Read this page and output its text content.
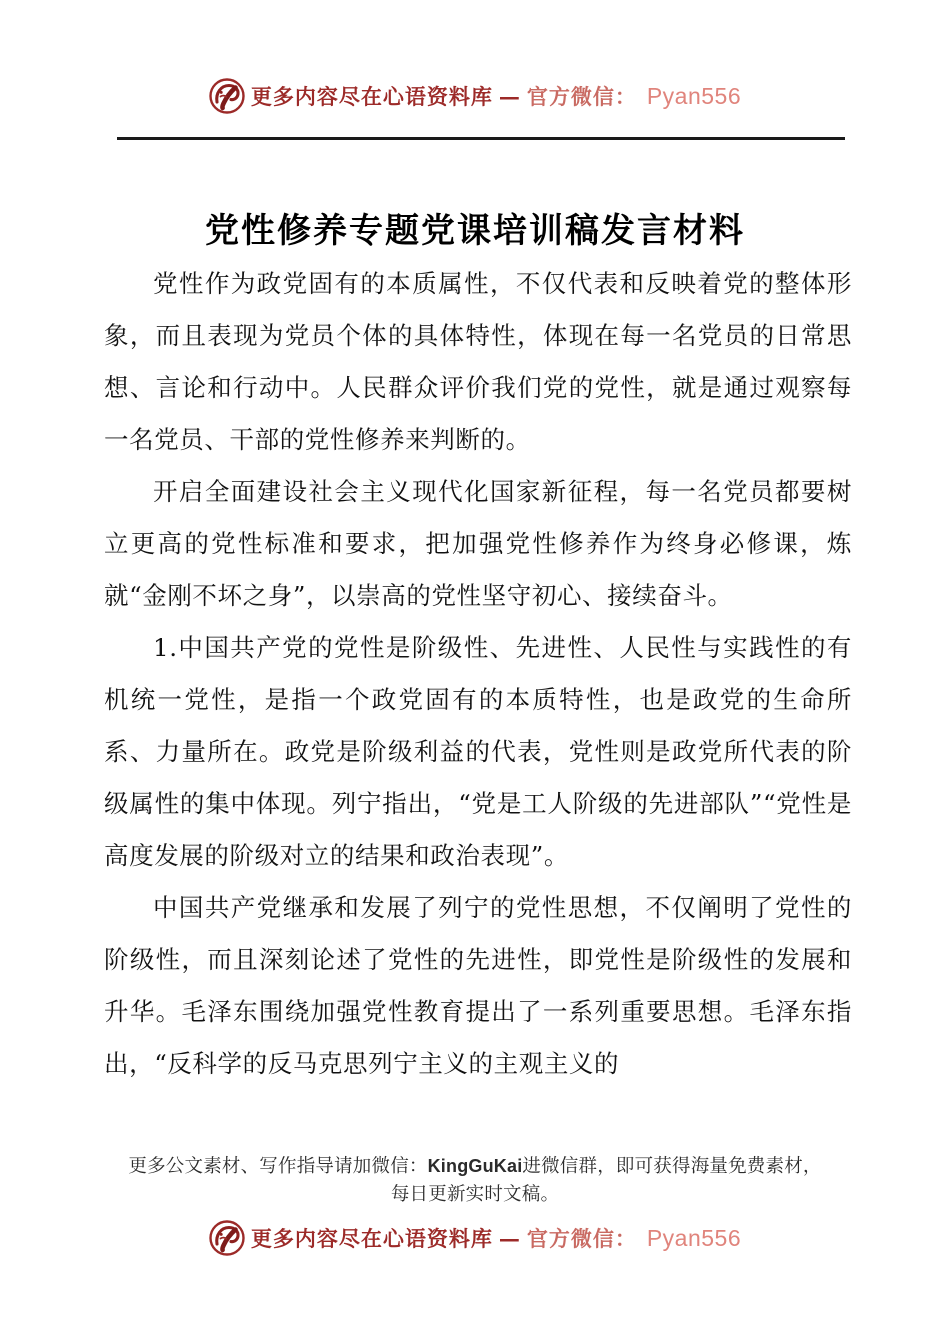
更多内容尽在心语资料库 — 官方微信： Pyan556
党性修养专题党课培训稿发言材料

党性作为政党固有的本质属性，不仅代表和反映着党的整体形象，而且表现为党员个体的具体特性，体现在每一名党员的日常思想、言论和行动中。人民群众评价我们党的党性，就是通过观察每一名党员、干部的党性修养来判断的。

开启全面建设社会主义现代化国家新征程，每一名党员都要树立更高的党性标准和要求，把加强党性修养作为终身必修课，炼就“金刚不坏之身”，以崇高的党性坚守初心、接续奋斗。

1.中国共产党的党性是阶级性、先进性、人民性与实践性的有机统一党性，是指一个政党固有的本质特性，也是政党的生命所系、力量所在。政党是阶级利益的代表，党性则是政党所代表的阶级属性的集中体现。列宁指出，“党是工人阶级的先进部队”“党性是高度发展的阶级对立的结果和政治表现”。

中国共产党继承和发展了列宁的党性思想，不仅阐明了党性的阶级性，而且深刻论述了党性的先进性，即党性是阶级性的发展和升华。毛泽东围绕加强党性教育提出了一系列重要思想。毛泽东指出，“反科学的反马克思列宁主义的主观主义的

更多公文素材、写作指导请加微信：KingGuKai进微信群，即可获得海量免费素材，
每日更新实时文稿。
更多内容尽在心语资料库 — 官方微信： Pyan556
